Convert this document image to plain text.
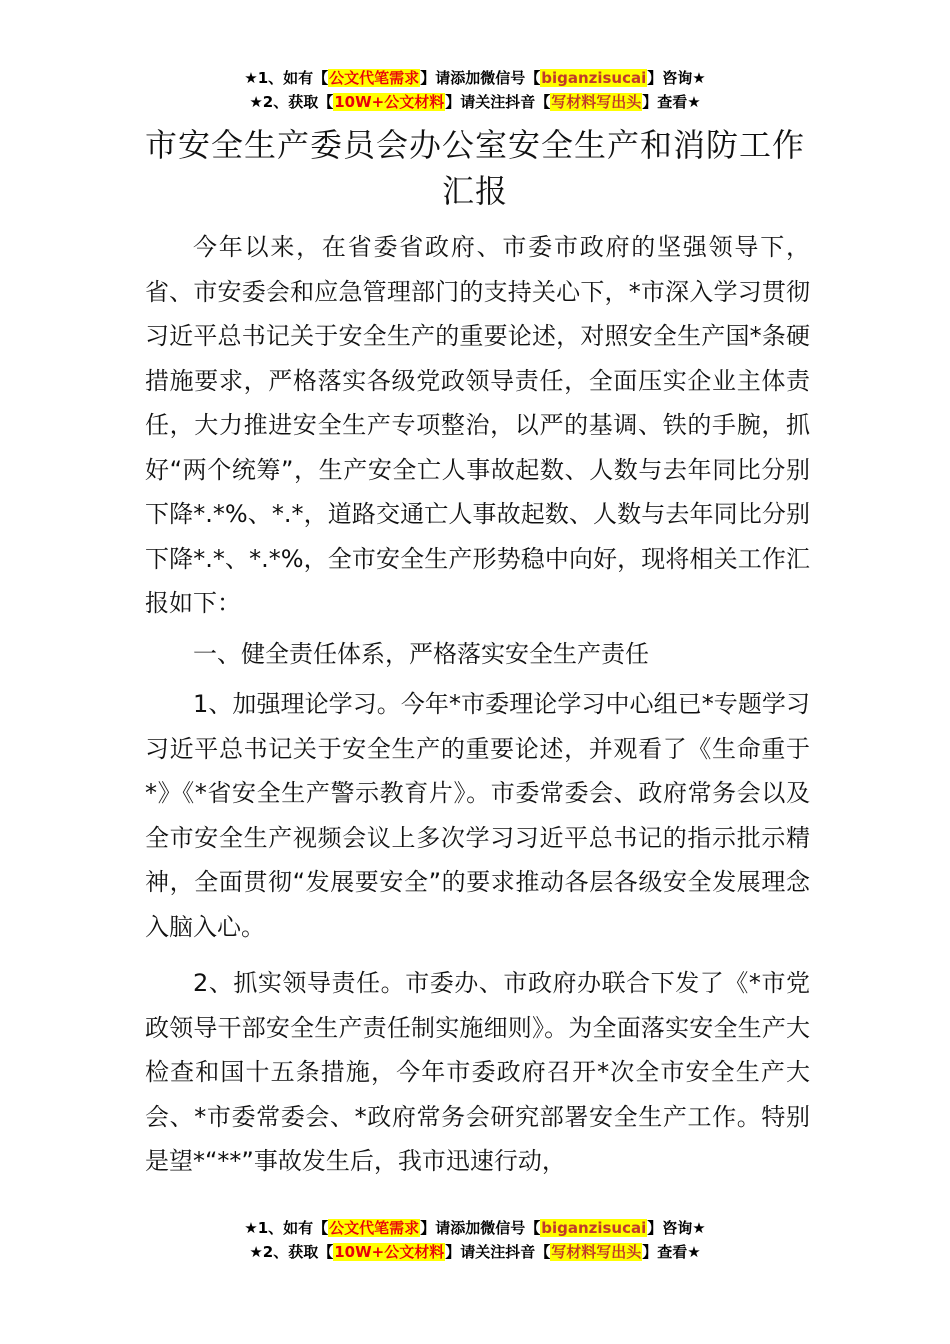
★1、如有【公文代笔需求】请添加微信号【biganzisucai】咨询★
★2、获取【10W+公文材料】请关注抖音【写材料写出头】查看★
市安全生产委员会办公室安全生产和消防工作汇报

今年以来，在省委省政府、市委市政府的坚强领导下，省、市安委会和应急管理部门的支持关心下，*市深入学习贯彻习近平总书记关于安全生产的重要论述，对照安全生产国*条硬措施要求，严格落实各级党政领导责任，全面压实企业主体责任，大力推进安全生产专项整治，以严的基调、铁的手腕，抓好“两个统筹”，生产安全亡人事故起数、人数与去年同比分别下降*.*%、*.*，道路交通亡人事故起数、人数与去年同比分别下降*.*、*.*%，全市安全生产形势稳中向好，现将相关工作汇报如下：

一、健全责任体系，严格落实安全生产责任

1、加强理论学习。今年*市委理论学习中心组已*专题学习习近平总书记关于安全生产的重要论述，并观看了《生命重于*》《*省安全生产警示教育片》。市委常委会、政府常务会以及全市安全生产视频会议上多次学习习近平总书记的指示批示精神，全面贯彻“发展要安全”的要求推动各层各级安全发展理念入脑入心。

2、抓实领导责任。市委办、市政府办联合下发了《*市党政领导干部安全生产责任制实施细则》。为全面落实安全生产大检查和国十五条措施，今年市委政府召开*次全市安全生产大会、*市委常委会、*政府常务会研究部署安全生产工作。特别是望*“**”事故发生后，我市迅速行动，

★1、如有【公文代笔需求】请添加微信号【biganzisucai】咨询★
★2、获取【10W+公文材料】请关注抖音【写材料写出头】查看★
